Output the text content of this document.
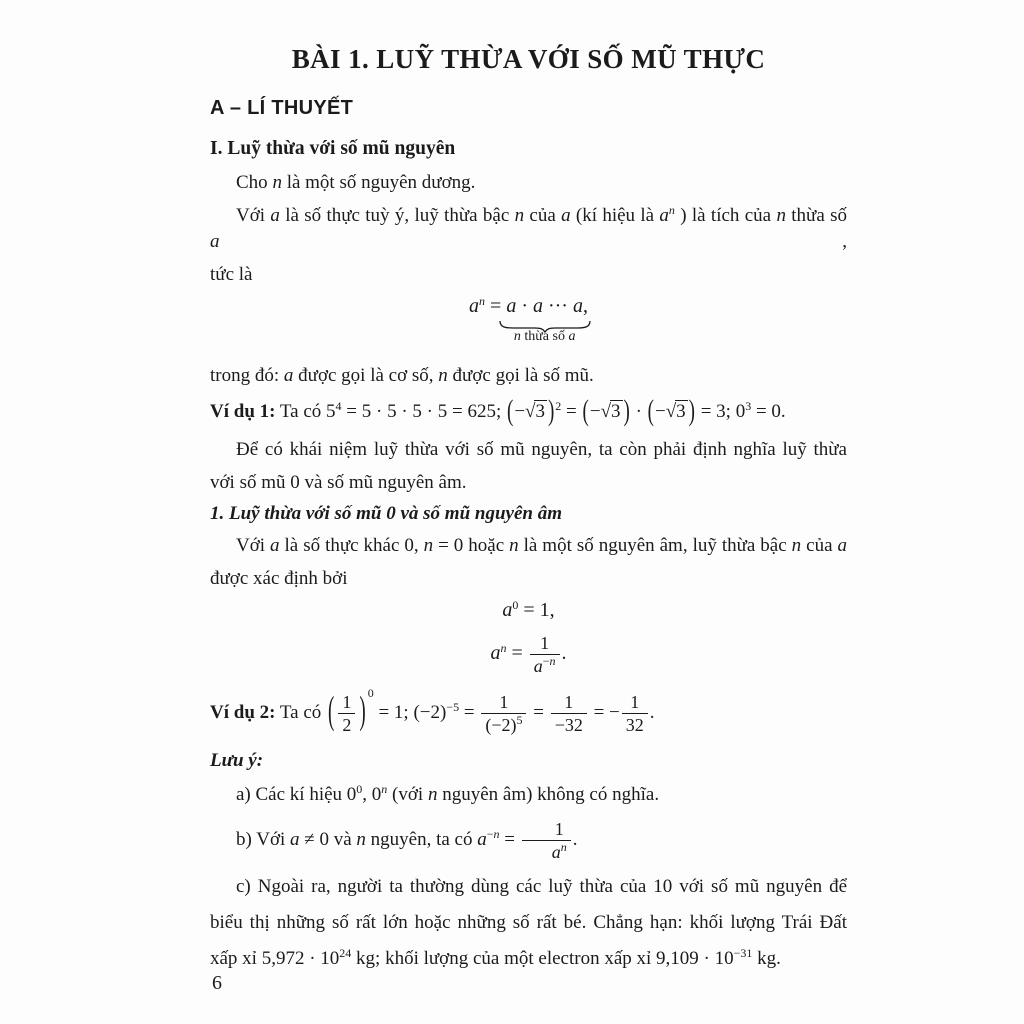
BÀI 1. LUỸ THỪA VỚI SỐ MŨ THỰC
A – LÍ THUYẾT
I. Luỹ thừa với số mũ nguyên

Cho n là một số nguyên dương.

Với a là số thực tuỳ ý, luỹ thừa bậc n của a (kí hiệu là $a^n$ ) là tích của n thừa số a ,

tức là

$a^n = a \cdot a$ ··· a
n thừa số a
,

trong đó: a được gọi là cơ số, n được gọi là số mũ.

Ví dụ 1: Ta có $5^4 = 5 \cdot 5 \cdot 5 \cdot 5 = 625$; (−√3 )$^2$ = (−√3 ) · (−√3 ) = 3; $0^3 = 0$.

Để có khái niệm luỹ thừa với số mũ nguyên, ta còn phải định nghĩa luỹ thừa

với số mũ 0 và số mũ nguyên âm.

1. Luỹ thừa với số mũ 0 và số mũ nguyên âm

Với a là số thực khác 0, n = 0 hoặc n là một số nguyên âm, luỹ thừa bậc n của a

được xác định bởi

$a^0 = 1$,
$a^n = \frac{1}{a^{-n}}$ .

Ví dụ 2: Ta có ( $\frac{1}{2}$ ) $^0$ = 1; $(-2)^{-5} = \frac{1}{(-2)^5} = \frac{1}{-32}$ = − $\frac{1}{32}$ .

Lưu ý:

a) Các kí hiệu $0^0$, 0$^n$ (với n nguyên âm) không có nghĩa.

b) Với a ≠ 0 và n nguyên, ta có $a^{-n} = \frac{1}{a^n}$ .

c) Ngoài ra, người ta thường dùng các luỹ thừa của 10 với số mũ nguyên để

biểu thị những số rất lớn hoặc những số rất bé. Chẳng hạn: khối lượng Trái Đất

xấp xỉ $5,972 \cdot 10^{24}$ kg; khối lượng của một electron xấp xỉ $9,109 \cdot 10^{-31}$ kg.

6
